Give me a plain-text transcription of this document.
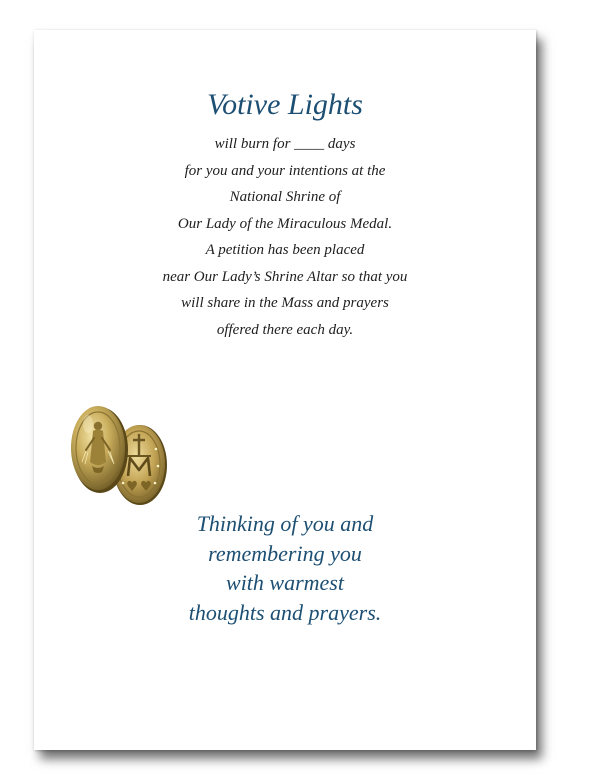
Votive Lights
will burn for ____ days
for you and your intentions at the
National Shrine of
Our Lady of the Miraculous Medal.
A petition has been placed
near Our Lady’s Shrine Altar so that you
will share in the Mass and prayers
offered there each day.
Thinking of you and
remembering you
with warmest
thoughts and prayers.
